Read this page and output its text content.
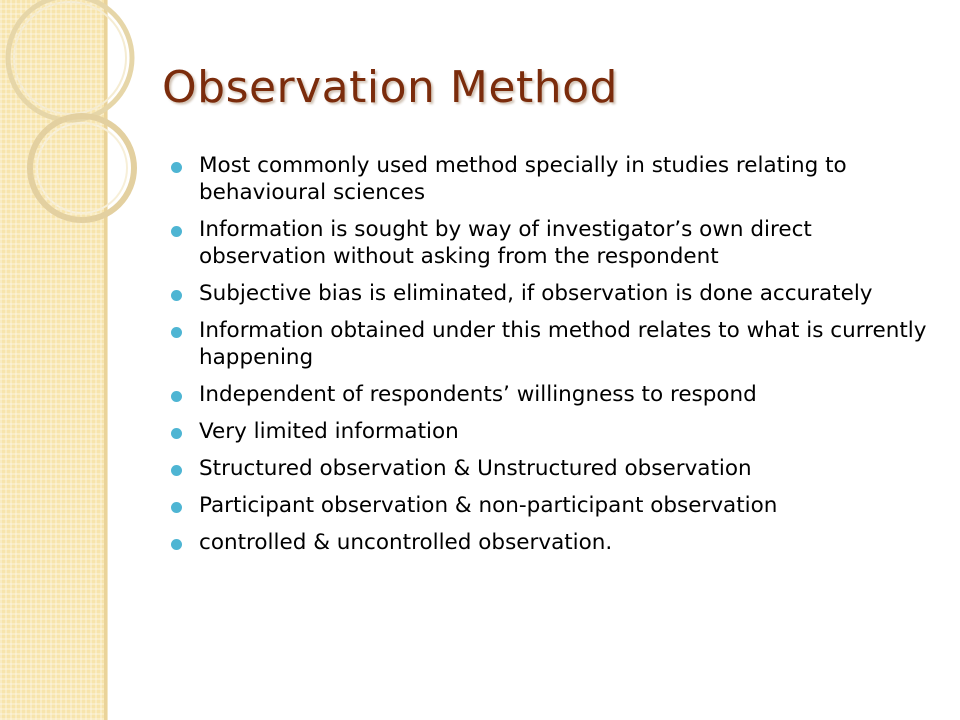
Observation Method
Most commonly used method specially in studies relating to behavioural sciences
Information is sought by way of investigator’s own direct observation without asking from the respondent
Subjective bias is eliminated, if observation is done accurately
Information obtained under this method relates to what is currently happening
Independent of respondents’ willingness to respond
Very limited information
Structured observation & Unstructured observation
Participant observation & non-participant observation
controlled & uncontrolled observation.
